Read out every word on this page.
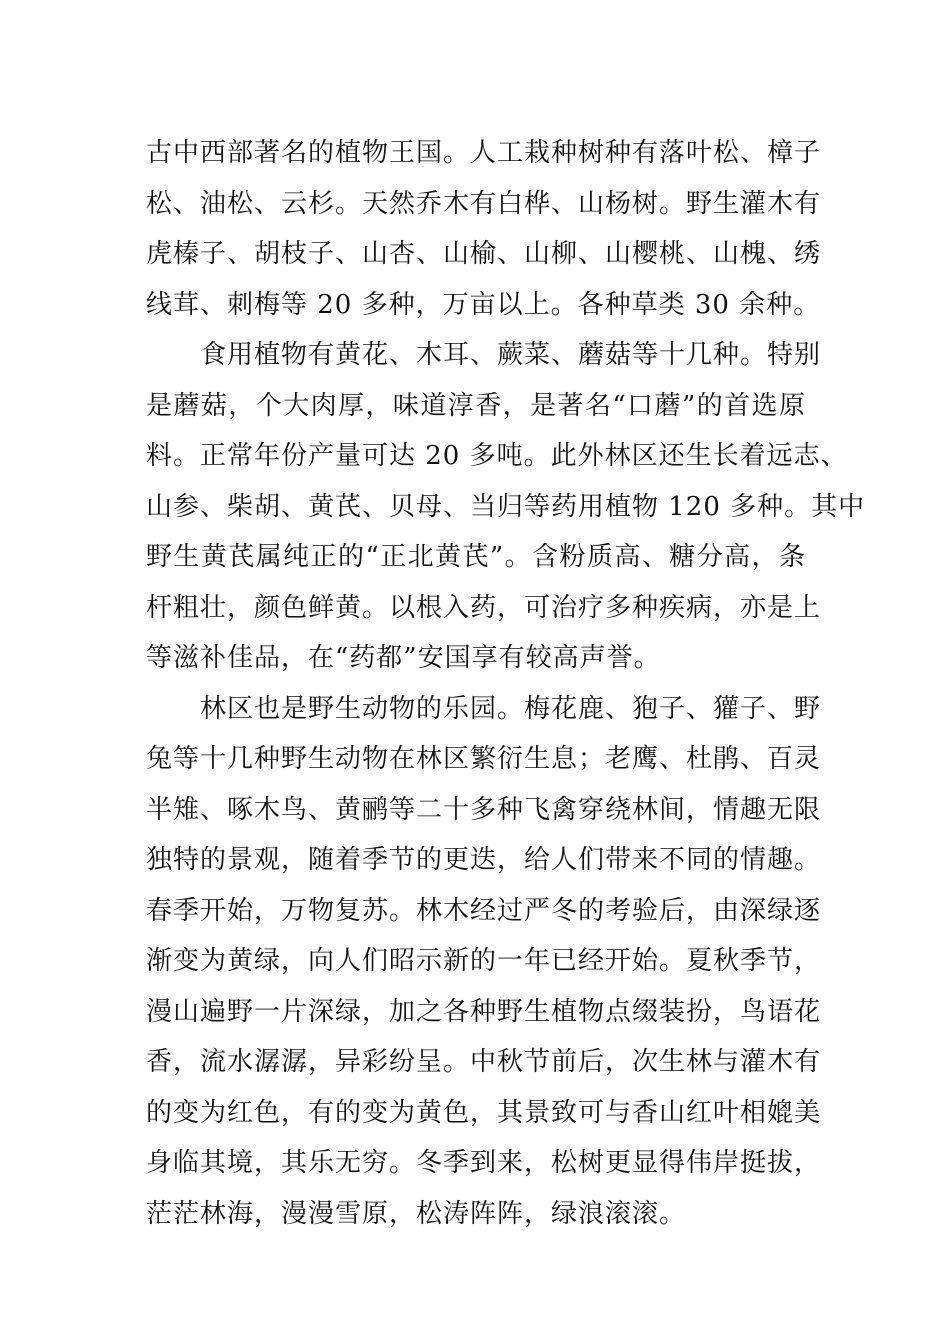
古中西部著名的植物王国。人工栽种树种有落叶松、樟子
松、油松、云杉。天然乔木有白桦、山杨树。野生灌木有
虎榛子、胡枝子、山杏、山榆、山柳、山樱桃、山槐、绣
线茸、刺梅等 20 多种，万亩以上。各种草类 30 余种。
食用植物有黄花、木耳、蕨菜、蘑菇等十几种。特别
是蘑菇，个大肉厚，味道淳香，是著名“口蘑”的首选原
料。正常年份产量可达 20 多吨。此外林区还生长着远志、
山参、柴胡、黄芪、贝母、当归等药用植物 120 多种。其中
野生黄芪属纯正的“正北黄芪”。含粉质高、糖分高，条
杆粗壮，颜色鲜黄。以根入药，可治疗多种疾病，亦是上
等滋补佳品，在“药都”安国享有较高声誉。
林区也是野生动物的乐园。梅花鹿、狍子、獾子、野
兔等十几种野生动物在林区繁衍生息；老鹰、杜鹃、百灵
半雉、啄木鸟、黄鹂等二十多种飞禽穿绕林间，情趣无限
独特的景观，随着季节的更迭，给人们带来不同的情趣。
春季开始，万物复苏。林木经过严冬的考验后，由深绿逐
渐变为黄绿，向人们昭示新的一年已经开始。夏秋季节，
漫山遍野一片深绿，加之各种野生植物点缀装扮，鸟语花
香，流水潺潺，异彩纷呈。中秋节前后，次生林与灌木有
的变为红色，有的变为黄色，其景致可与香山红叶相媲美
身临其境，其乐无穷。冬季到来，松树更显得伟岸挺拔，
茫茫林海，漫漫雪原，松涛阵阵，绿浪滚滚。
